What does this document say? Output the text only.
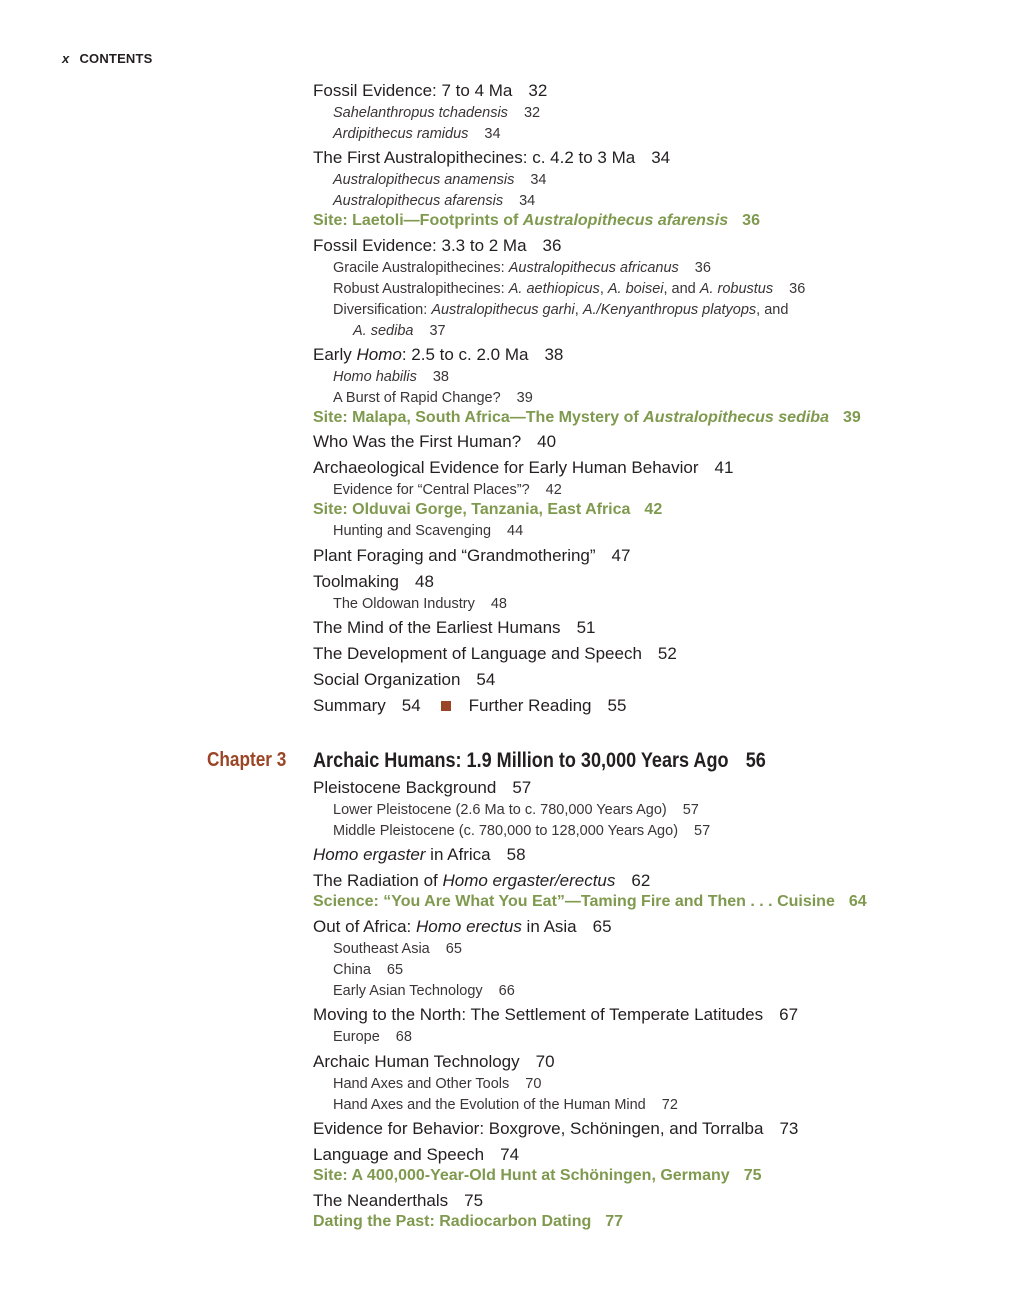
x CONTENTS
Fossil Evidence: 7 to 4 Ma 32
Sahelanthropus tchadensis 32
Ardipithecus ramidus 34
The First Australopithecines: c. 4.2 to 3 Ma 34
Australopithecus anamensis 34
Australopithecus afarensis 34
Site: Laetoli—Footprints of Australopithecus afarensis 36
Fossil Evidence: 3.3 to 2 Ma 36
Gracile Australopithecines: Australopithecus africanus 36
Robust Australopithecines: A. aethiopicus, A. boisei, and A. robustus 36
Diversification: Australopithecus garhi, A./Kenyanthropus platyops, and
A. sediba 37
Early Homo: 2.5 to c. 2.0 Ma 38
Homo habilis 38
A Burst of Rapid Change? 39
Site: Malapa, South Africa—The Mystery of Australopithecus sediba 39
Who Was the First Human? 40
Archaeological Evidence for Early Human Behavior 41
Evidence for “Central Places”? 42
Site: Olduvai Gorge, Tanzania, East Africa 42
Hunting and Scavenging 44
Plant Foraging and “Grandmothering” 47
Toolmaking 48
The Oldowan Industry 48
The Mind of the Earliest Humans 51
The Development of Language and Speech 52
Social Organization 54
Summary 54	Further Reading 55
Chapter 3 Archaic Humans: 1.9 Million to 30,000 Years Ago 56
Pleistocene Background 57
Lower Pleistocene (2.6 Ma to c. 780,000 Years Ago) 57
Middle Pleistocene (c. 780,000 to 128,000 Years Ago) 57
Homo ergaster in Africa 58
The Radiation of Homo ergaster/erectus 62
Science: “You Are What You Eat”—Taming Fire and Then . . . Cuisine 64
Out of Africa: Homo erectus in Asia 65
Southeast Asia 65
China 65
Early Asian Technology 66
Moving to the North: The Settlement of Temperate Latitudes 67
Europe 68
Archaic Human Technology 70
Hand Axes and Other Tools 70
Hand Axes and the Evolution of the Human Mind 72
Evidence for Behavior: Boxgrove, Schöningen, and Torralba 73
Language and Speech 74
Site: A 400,000-Year-Old Hunt at Schöningen, Germany 75
The Neanderthals 75
Dating the Past: Radiocarbon Dating 77
